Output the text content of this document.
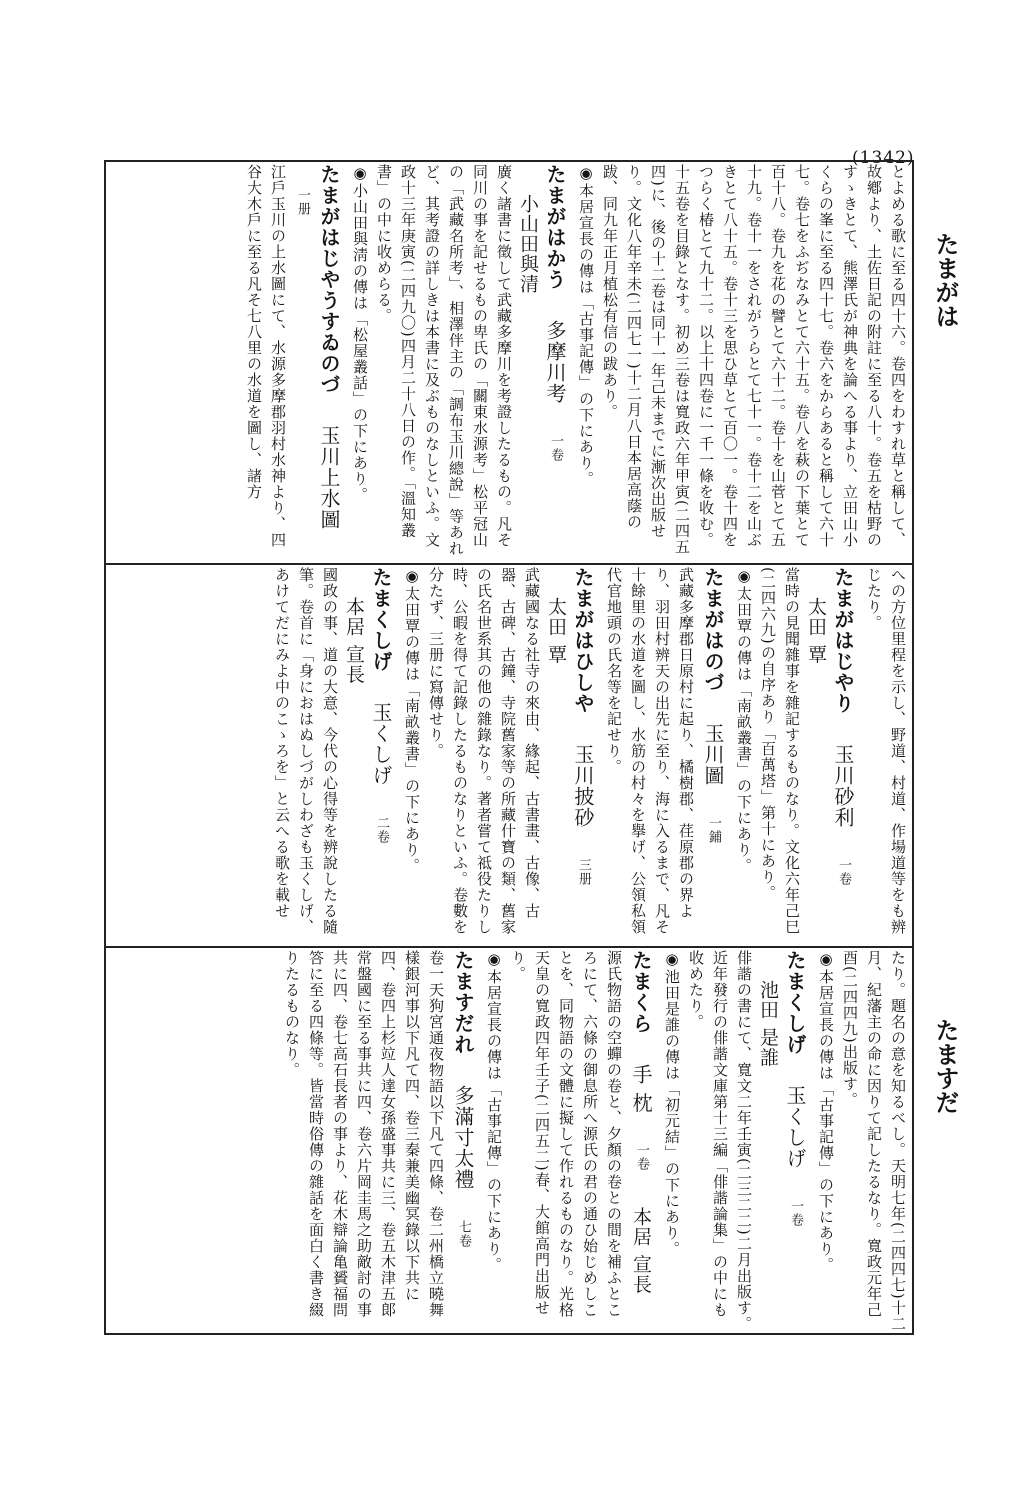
(1342)
たまがは
たますだ
とよめる歌に至る四十六。卷四をわすれ草と稱して、故鄕より、土佐日記の附註に至る八十。卷五を枯野のすゝきとて、熊澤氏が神典を論へる事より、立田山小くらの峯に至る四十七。卷六をからあると稱して六十七。卷七をふぢなみとて六十五。卷八を萩の下葉とて百十八。卷九を花の譬とて六十二。卷十を山菅とて五十九。卷十一をされがうらとて七十一。卷十二を山ぶきとて八十五。卷十三を思ひ草とて百〇一。卷十四をつらく椿とて九十二。以上十四卷に一千一條を收む。十五卷を目錄となす。初め三卷は寬政六年甲寅(二四五四)に、後の十二卷は同十一年己未までに漸次出版せり。文化八年辛未(二四七一)十二月八日本居高蔭の跋、同九年正月植松有信の跋あり。
◉本居宣長の傳は「古事記傳」の下にあり。
たまがはかう 多摩川考 一卷 小山田與清
廣く諸書に徵して武藏多摩川を考證したるもの。凡そ同川の事を記せるもの卑氏の「關東水源考」松平冠山の「武藏名所考」、相澤伴主の「調布玉川總說」等あれど、其考證の詳しきは本書に及ぶものなしといふ。文政十三年庚寅(二四九〇)四月二十八日の作。「溫知叢書」の中に收めらる。
◉小山田與淸の傳は「松屋叢話」の下にあり。
たまがはじやうすゐのづ 玉川上水圖 一册
江戶玉川の上水圖にて、水源多摩郡羽村水神より、四谷大木戶に至る凡そ七八里の水道を圖し、諸方
への方位里程を示し、野道、村道、作場道等をも辨じたり。
たまがはじやり 玉川砂利 一卷 太田 覃
當時の見聞雜事を雜記するものなり。文化六年己巳(二四六九)の自序あり「百萬塔」第十にあり。
◉太田覃の傳は「南畝叢書」の下にあり。
たまがはのづ 玉川圖 一鋪
武藏多摩郡日原村に起り、橘樹郡、荏原郡の界より、羽田村辨天の出先に至り、海に入るまで、凡そ十餘里の水道を圖し、水筋の村々を擧げ、公領私領代官地頭の氏名等を記せり。
たまがはひしや 玉川披砂 三册 太田 覃
武藏國なる社寺の來由、緣起、古書畫、古像、古器、古碑、古鐘、寺院舊家等の所藏什寶の類、舊家の氏名世系其の他の雜錄なり。著者嘗て祗役たりし時、公暇を得て記錄したるものなりといふ。卷數を分たず、三册に寫傳せり。
◉太田覃の傳は「南畝叢書」の下にあり。
たまくしげ 玉くしげ 二卷 本居 宣長
國政の事、道の大意、今代の心得等を辨說したる隨筆。卷首に「身におはぬしづがしわざも玉くしげ、あけてだにみよ中のこゝろを」と云へる歌を載せ
たり。題名の意を知るべし。天明七年(二四四七)十二月、紀藩主の命に因りて記したるなり。寬政元年己酉(二四四九)出版す。
◉本居宣長の傳は「古事記傳」の下にあり。
たまくしげ 玉くしげ 一卷 池田 是誰
俳諧の書にて、寬文二年壬寅(二三二二)二月出版す。近年發行の俳諧文庫第十三編「俳諧論集」の中にも收めたり。
◉池田是誰の傳は「初元結」の下にあり。
たまくら 手 枕 一卷 本居 宣長
源氏物語の空蟬の卷と、夕顏の卷との間を補ふところにて、六條の御息所へ源氏の君の通ひ始じめしことを、同物語の文體に擬して作れるものなり。光格天皇の寬政四年壬子(二四五二)春、大館高門出版せり。
◉本居宣長の傳は「古事記傳」の下にあり。
たますだれ 多滿寸太禮 七卷
卷一天狗宮通夜物語以下凡て四條、卷二州橋立曉舞樣銀河事以下凡て四、卷三秦兼美幽冥錄以下共に四、卷四上杉竝人達女孫盛事共に三、卷五木津五郞常盤國に至る事共に四、卷六片岡圭馬之助敵討の事共に四、卷七高石長者の事より、花木辯論亀贇福問答に至る四條等。皆當時俗傳の雜話を面白く書き綴りたるものなり。
